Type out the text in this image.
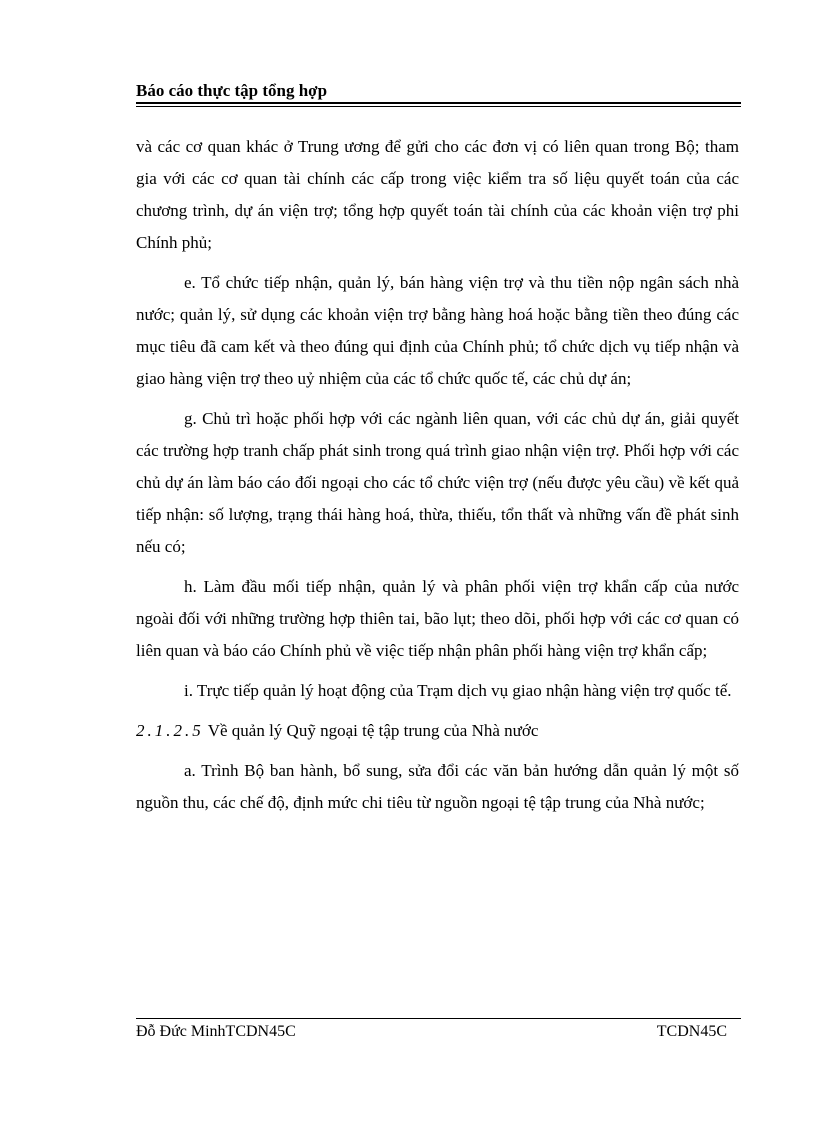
Báo cáo thực tập tổng hợp

và các cơ quan khác ở Trung ương để gửi cho các đơn vị có liên quan trong Bộ; tham gia với các cơ quan tài chính các cấp trong việc kiểm tra số liệu quyết toán của các chương trình, dự án viện trợ; tổng hợp quyết toán tài chính của các khoản viện trợ phi Chính phủ;

e. Tổ chức tiếp nhận, quản lý, bán hàng viện trợ và thu tiền nộp ngân sách nhà nước; quản lý, sử dụng các khoản viện trợ bằng hàng hoá hoặc bằng tiền theo đúng các mục tiêu đã cam kết và theo đúng qui định của Chính phủ; tổ chức dịch vụ tiếp nhận và giao hàng viện trợ theo uỷ nhiệm của các tổ chức quốc tế, các chủ dự án;

g. Chủ trì hoặc phối hợp với các ngành liên quan, với các chủ dự án, giải quyết các trường hợp tranh chấp phát sinh trong quá trình giao nhận viện trợ. Phối hợp với các chủ dự án làm báo cáo đối ngoại cho các tổ chức viện trợ (nếu được yêu cầu) về kết quả tiếp nhận: số lượng, trạng thái hàng hoá, thừa, thiếu, tổn thất và những vấn đề phát sinh nếu có;

h. Làm đầu mối tiếp nhận, quản lý và phân phối viện trợ khẩn cấp của nước ngoài đối với những trường hợp thiên tai, bão lụt; theo dõi, phối hợp với các cơ quan có liên quan và báo cáo Chính phủ về việc tiếp nhận phân phối hàng viện trợ khẩn cấp;

i. Trực tiếp quản lý hoạt động của Trạm dịch vụ giao nhận hàng viện trợ quốc tế.

2.1.2.5 Về quản lý Quỹ ngoại tệ tập trung của Nhà nước

a. Trình Bộ ban hành, bổ sung, sửa đổi các văn bản hướng dẫn quản lý một số nguồn thu, các chế độ, định mức chi tiêu từ nguồn ngoại tệ tập trung của Nhà nước;

Đỗ Đức MinhTCDN45C	TCDN45C
